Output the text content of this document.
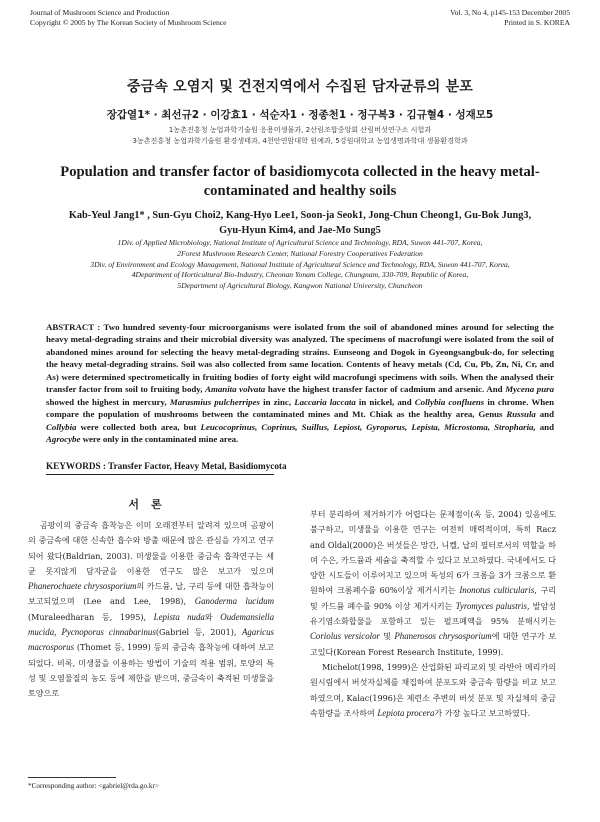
Journal of Mushroom Science and Production
Copyright © 2005 by The Korean Society of Mushroom Science
Vol. 3, No 4, p145-153 December 2005
Printed in S. KOREA
중금속 오염지 및 건전지역에서 수집된 담자균류의 분포
장갑열1* · 최선규2 · 이강효1 · 석순자1 · 정종천1 · 정구복3 · 김규혈4 · 성재모5
1농촌진흥청 농업과학기술원 응용미생물과, 2산림조합중앙회 산림버섯연구소 시험과
3농촌진흥청 농업과학기술원 환경생태과, 4천안연암대학 원예과, 5강원대학교 농업생명과학대 생물환경학과
Population and transfer factor of basidiomycota collected in the heavy metal-contaminated and healthy soils
Kab-Yeul Jang1* , Sun-Gyu Choi2, Kang-Hyo Lee1, Soon-ja Seok1, Jong-Chun Cheong1, Gu-Bok Jung3,
Gyu-Hyun Kim4, and Jae-Mo Sung5
1Div. of Applied Microbiology, National Institute of Agricultural Science and Technology, RDA, Suwon 441-707, Korea,
2Forest Mushroom Research Center, National Forestry Cooperatives Federation
3Div. of Environment and Ecology Management, National Institute of Agricultural Science and Technology, RDA, Suwon 441-707, Korea,
4Department of Horticultural Bio-Industry, Cheonan Yonam College, Chungnam, 330-709, Republic of Korea,
5Department of Agricultural Biology, Kangwon National University, Chuncheon
ABSTRACT : Two hundred seventy-four microorganisms were isolated from the soil of abandoned mines around for selecting the heavy metal-degrading strains and their microbial diversity was analyzed. The specimens of macrofungi were isolated from the soil of abandoned mines around for selecting the heavy metal-degrading strains. Eunseong and Dogok in Gyeongsangbuk-do, for selecting the heavy metal-degrading strains. Soil was also collected from same location. Contents of heavy metals (Cd, Cu, Pb, Zn, Ni, Cr, and As) were determined spectrometically in fruiting bodies of forty eight wild macrofungi specimens with soils. When the analysed their transfer factor from soil to fruiting body, Amanita volvata have the highest transfer factor of cadmium and arsenic. And Mycena pura showed the highest in mercury, Marasmius pulcherripes in zinc, Laccaria laccata in nickel, and Collybia confluens in chrome. When compare the population of mushrooms between the contaminated mines and Mt. Chiak as the healthy area, Genus Russula and Collybia were collected both area, but Leucocoprinus, Coprinus, Suillus, Lepiost, Gyroporus, Lepista, Microstoma, Stropharia, and Agrocybe were only in the contaminated mine area.
KEYWORDS : Transfer Factor, Heavy Metal, Basidiomycota
서론
곰팡이의 중금속 흡착능은 이미 오래전부터 알려져 있으며 곰팡이의 중금속에 대한 신속한 흡수와 방출 때문에 많은 관심을 가지고 연구되어 왔다(Baldrian, 2003). 미생물을 이용한 중금속 흡착연구는 세균 못지않게 담자균을 이용한 연구도 많은 보고가 있으며 Phanerochaete chrysosporium의 카드뮴, 납, 구리 등에 대한 흡착능이 보고되었으며 (Lee and Lee, 1998), Ganoderma lucidum (Muraleedharan 등, 1995), Lepista nuda와 Oudemansiella mucida, Pycnoporus cinnabarinus(Gabriel 등, 2001), Agaricus macrosporus (Thomet 등, 1999) 등의 중금속 흡착능에 대하여 보고되었다. 비록, 미생물을 이용하는 방법이 기술의 적용 범위, 토양의 특성 및 오염물질의 농도 등에 제한을 받으며, 중금속이 축적된 미생물을 토양으로

부터 분리하여 제거하기가 어렵다는 문제점이(옥 등, 2004) 있음에도 불구하고, 미생물을 이용한 연구는 여전히 매력적이며, 특히 Racz and Oldal(2000)은 버섯들은 망간, 니켈, 납의 필터로서의 역할을 하며 수은, 카드뮴과 세슘을 축적할 수 있다고 보고하였다. 국내에서도 다양한 시도들이 이루어지고 있으며 독성의 6가 크롬을 3가 크롬으로 환원하여 크롬폐수를 60%이상 제거시키는 Inonotus culticularis, 구리 및 카드뮴 폐수를 90% 이상 제거시키는 Tyromyces palustris, 발암성 유기염소화합물을 포함하고 있는 펄프폐액을 95% 분해시키는 Coriolus versicolor 및 Phanerosos chrysosporium에 대한 연구가 보고있다(Korean Forest Research Institute, 1999).

Michelot(1998, 1999)은 산업화된 파리교외 및 라반아 메리카의 원시림에서 버섯자실체를 채집하여 분포도와 중금속 함량을 비교 보고하였으며, Kalac(1996)은 제련소 주변의 버섯 분포 및 자실체의 중금속함량을 조사하여 Lepiota procera가 가장 높다고 보고하였다.

*Corresponding author: <gabriel@rda.go.kr>
